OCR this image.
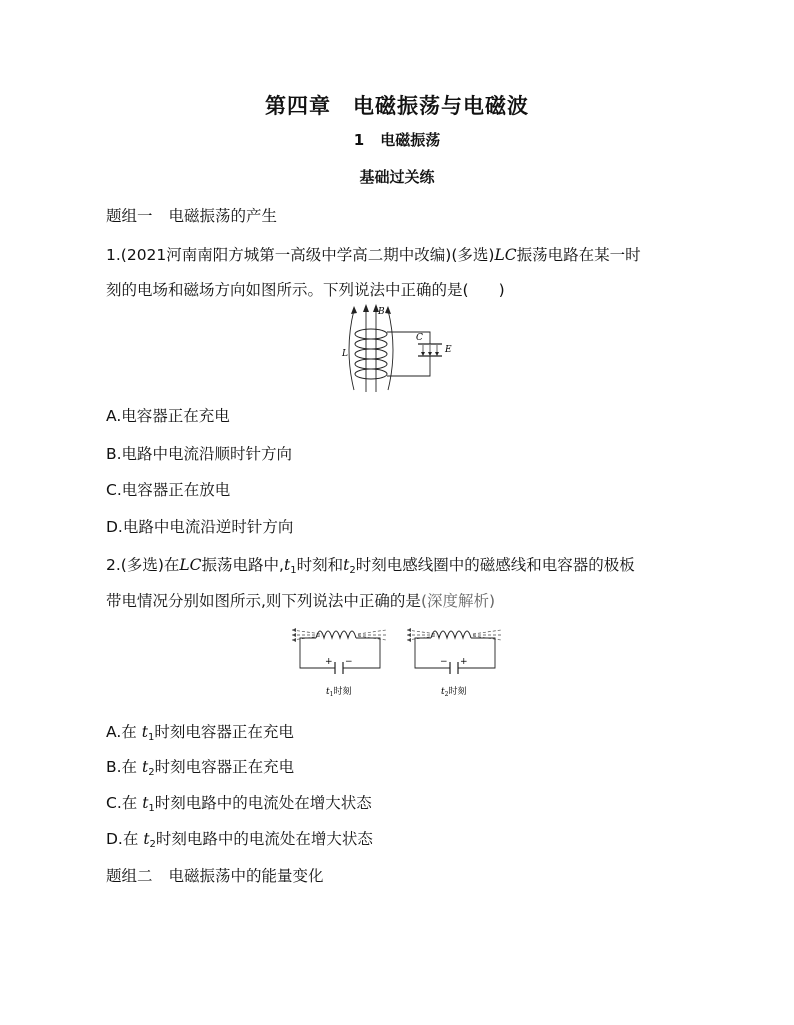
第四章 电磁振荡与电磁波
1 电磁振荡
基础过关练
题组一 电磁振荡的产生
1.(2021河南南阳方城第一高级中学高二期中改编)(多选)LC振荡电路在某一时
刻的电场和磁场方向如图所示。下列说法中正确的是( )
B
L
C
E
A.电容器正在充电
B.电路中电流沿顺时针方向
C.电容器正在放电
D.电路中电流沿逆时针方向
2.(多选)在LC振荡电路中$,t_1$时刻和$t_2$时刻电感线圈中的磁感线和电容器的极板
带电情况分别如图所示,则下列说法中正确的是(深度解析)
+ −
$t_1$时刻
− +
$t_2$时刻
A.在 $t_1$时刻电容器正在充电
B.在 $t_2$时刻电容器正在充电
C.在 $t_1$时刻电路中的电流处在增大状态
D.在 $t_2$时刻电路中的电流处在增大状态
题组二 电磁振荡中的能量变化
